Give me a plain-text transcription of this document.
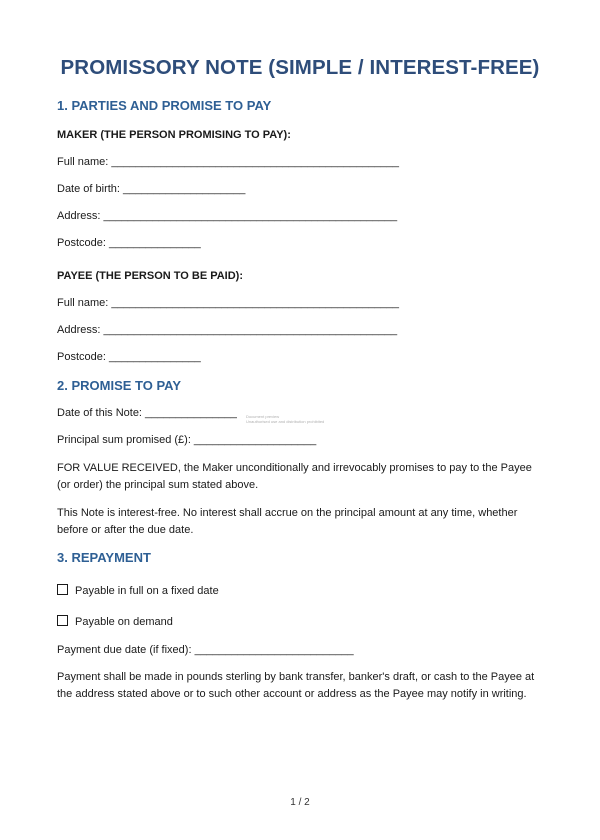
PROMISSORY NOTE (SIMPLE / INTEREST-FREE)
1. PARTIES AND PROMISE TO PAY
MAKER (THE PERSON PROMISING TO PAY):
Full name: _______________________________________________
Date of birth: ____________________
Address: ________________________________________________
Postcode: _______________
PAYEE (THE PERSON TO BE PAID):
Full name: _______________________________________________
Address: ________________________________________________
Postcode: _______________
2. PROMISE TO PAY
Date of this Note: _______________ Document preview
Unauthorised use and distribution prohibited
Principal sum promised (£): ____________________
FOR VALUE RECEIVED, the Maker unconditionally and irrevocably promises to pay to the Payee (or order) the principal sum stated above.
This Note is interest-free. No interest shall accrue on the principal amount at any time, whether before or after the due date.
3. REPAYMENT
Payable in full on a fixed date
Payable on demand
Payment due date (if fixed): __________________________
Payment shall be made in pounds sterling by bank transfer, banker's draft, or cash to the Payee at the address stated above or to such other account or address as the Payee may notify in writing.
1 / 2
